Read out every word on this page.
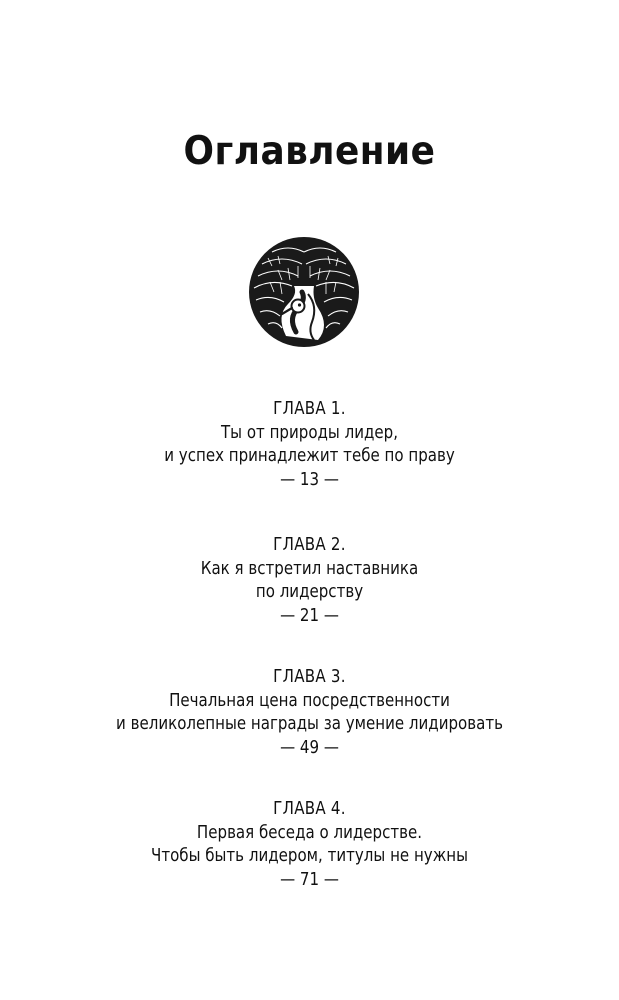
Оглавление
ГЛАВА 1.
Ты от природы лидер,
и успех принадлежит тебе по праву
— 13 —
ГЛАВА 2.
Как я встретил наставника
по лидерству
— 21 —
ГЛАВА 3.
Печальная цена посредственности
и великолепные награды за умение лидировать
— 49 —
ГЛАВА 4.
Первая беседа о лидерстве.
Чтобы быть лидером, титулы не нужны
— 71 —
